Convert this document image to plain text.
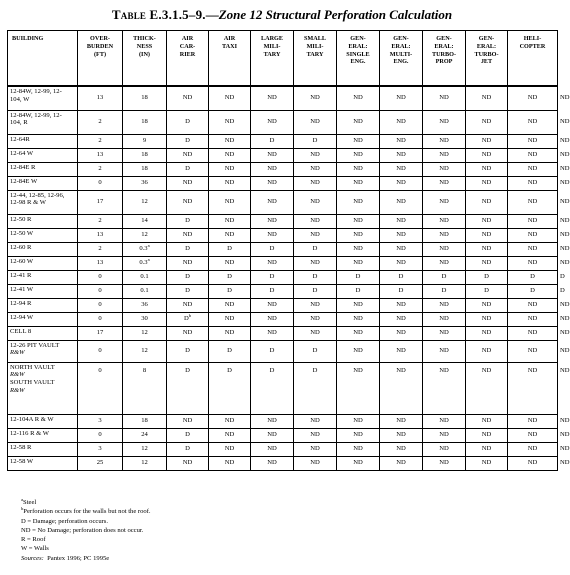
Table E.3.1.5–9.—Zone 12 Structural Perforation Calculation
BUILDING	OVER-
BURDEN
(FT)	THICK-
NESS
(IN)	AIR
CAR-
RIER	AIR
TAXI	LARGE
MILI-
TARY	SMALL
MILI-
TARY	GEN-
ERAL:
SINGLE
ENG.	GEN-
ERAL:
MULTI-
ENG.	GEN-
ERAL:
TURBO-
PROP	GEN-
ERAL:
TURBO-
JET	HELI-
COPTER	

12-84W, 12-99, 12-
104, W	13	18	ND	ND	ND	ND	ND	ND	ND	ND	ND	ND

12-84W, 12-99, 12-
104, R	2	18	D	ND	ND	ND	ND	ND	ND	ND	ND	ND

12-64R	2	9	D	ND	D	D	ND	ND	ND	ND	ND	ND

12-64 W	13	18	ND	ND	ND	ND	ND	ND	ND	ND	ND	ND

12-84E R	2	18	D	ND	ND	ND	ND	ND	ND	ND	ND	ND

12-84E W	0	36	ND	ND	ND	ND	ND	ND	ND	ND	ND	ND

12-44, 12-85, 12-96,
12-98 R & W	17	12	ND	ND	ND	ND	ND	ND	ND	ND	ND	ND

12-50 R	2	14	D	ND	ND	ND	ND	ND	ND	ND	ND	ND

12-50 W	13	12	ND	ND	ND	ND	ND	ND	ND	ND	ND	ND

12-60 R	2	0.3$^a$	D	D	D	D	ND	ND	ND	ND	ND	ND

12-60 W	13	0.3$^a$	ND	ND	ND	ND	ND	ND	ND	ND	ND	ND

12-41 R	0	0.1	D	D	D	D	D	D	D	D	D	D

12-41 W	0	0.1	D	D	D	D	D	D	D	D	D	D

12-94 R	0	36	ND	ND	ND	ND	ND	ND	ND	ND	ND	ND

12-94 W	0	30	$D^b$	ND	ND	ND	ND	ND	ND	ND	ND	ND

CELL 8	17	12	ND	ND	ND	ND	ND	ND	ND	ND	ND	ND

12-26 PIT VAULT
R&W	0	12	D	D	D	D	ND	ND	ND	ND	ND	ND

NORTH VAULT
R&W
SOUTH VAULT
R&W	0	8	D	D	D	D	ND	ND	ND	ND	ND	ND

12-104A R & W	3	18	ND	ND	ND	ND	ND	ND	ND	ND	ND	ND

12-116 R & W	0	24	D	ND	ND	ND	ND	ND	ND	ND	ND	ND

12-58 R	3	12	D	ND	ND	ND	ND	ND	ND	ND	ND	ND

12-58 W	25	12	ND	ND	ND	ND	ND	ND	ND	ND	ND	ND
$^a$Steel
$^b$Perforation occurs for the walls but not the roof.
D = Damage; perforation occurs.
ND = No Damage; perforation does not occur.
R = Roof
W = Walls
Sources: Pantex 1996; PC 1995e
